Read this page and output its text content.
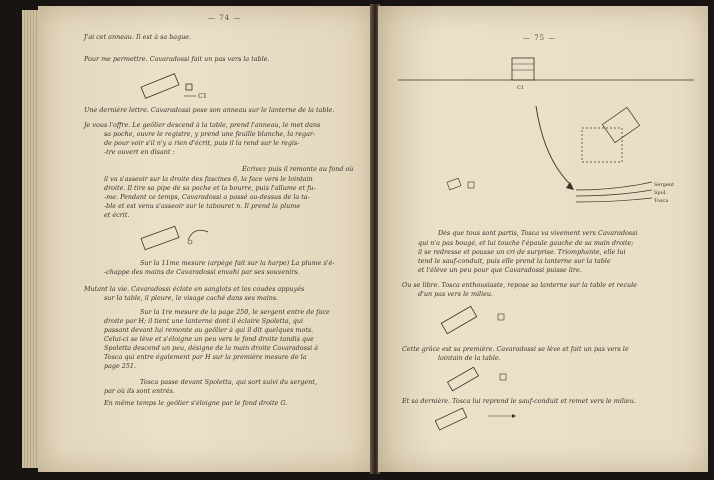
— 74 —
J'ai cet anneau. Il est à sa bague.
Pour me permettre. Cavaradossi fait un pas vers la table.
C1
Une dernière lettre. Cavaradossi pose son anneau sur le lanterne de la table.
Je vous l'offre. Le geôlier descend à la table, prend l'anneau, le met dans
sa poche, ouvre le registre, y prend une feuille blanche, la regar-
de pour voir s'il n'y a rien d'écrit, puis il la rend sur le regis-
-tre ouvert en disant :
Écrivez puis il remonte au fond où
il va s'asseoir sur la droite des fascines 6, la face vers le lointain
droite. Il tire sa pipe de sa poche et la bourre, puis l'allume et fu-
-me. Pendant ce temps, Cavaradossi a passé au-dessus de la ta-
-ble et est venu s'asseoir sur le tabouret n. Il prend la plume
et écrit.
Sur la 11me mesure (arpège fait sur la harpe) La plume s'é-
-chappe des mains de Cavaradossi envahi par ses souvenirs.
Mutant la vie. Cavaradossi éclate en sanglots et les coudes appuyés
sur la table, il pleure, le visage caché dans ses mains.
Sur la 1re mesure de la page 250, le sergent entre de face
droite par H; il tient une lanterne dont il éclaire Spoletta, qui
passant devant lui remonte au geôlier à qui il dit quelques mots.
Celui-ci se lève et s'éloigne un peu vers le fond droite tandis que
Spoletta descend un peu, désigne de la main droite Cavaradossi à
Tosca qui entre également par H sur la première mesure de la
page 251.
Tosca passe devant Spoletta, qui sort suivi du sergent,
par où ils sont entrés.
En même temps le geôlier s'éloigne par le fond droite G.
— 75 —
C1
Sergent
Spol.
Tosca
Dès que tous sont partis, Tosca va vivement vers Cavaradossi
qui n'a pas bougé, et lui touche l'épaule gauche de sa main droite;
il se redresse et pousse un cri de surprise. Triomphante, elle lui
tend le sauf-conduit, puis elle prend la lanterne sur la table
et l'élève un peu pour que Cavaradossi puisse lire.
Ou se libre. Tosca enthousiaste, repose sa lanterne sur la table et recule
d'un pas vers le milieu.
Cette grâce est sa première. Cavaradossi se lève et fait un pas vers le
lointain de la table.
Et sa dernière. Tosca lui reprend le sauf-conduit et remet vers le milieu.
